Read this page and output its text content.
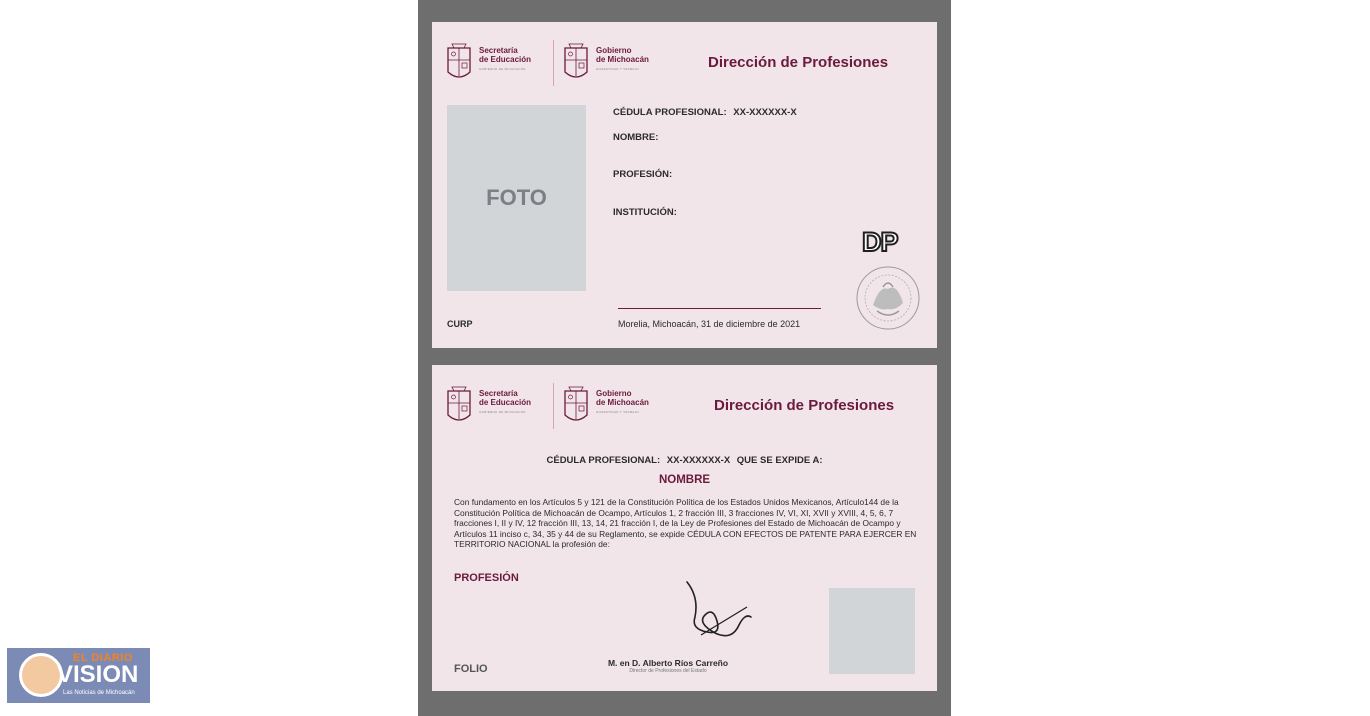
Secretaría
de Educación
GOBIERNO DE MICHOACÁN
Gobierno
de Michoacán
HONESTIDAD Y TRABAJO	Dirección de Profesiones
FOTO
CÉDULA PROFESIONAL: XX-XXXXXX-X
NOMBRE:
PROFESIÓN:
INSTITUCIÓN:
DP
CURP	Morelia, Michoacán, 31 de diciembre de 2021
Secretaría
de Educación
GOBIERNO DE MICHOACÁN
Gobierno
de Michoacán
HONESTIDAD Y TRABAJO	Dirección de Profesiones
CÉDULA PROFESIONAL: XX-XXXXXX-X QUE SE EXPIDE A:
NOMBRE
Con fundamento en los Artículos 5 y 121 de la Constitución Política de los Estados Unidos Mexicanos, Artículo144 de la Constitución Política de Michoacán de Ocampo, Artículos 1, 2 fracción III, 3 fracciones IV, VI, XI, XVII y XVIII, 4, 5, 6, 7 fracciones I, II y IV, 12 fracción III, 13, 14, 21 fracción I, de la Ley de Profesiones del Estado de Michoacán de Ocampo y Artículos 11 inciso c, 34, 35 y 44 de su Reglamento, se expide CÉDULA CON EFECTOS DE PATENTE PARA EJERCER EN TERRITORIO NACIONAL la profesión de:
PROFESIÓN
M. en D. Alberto Ríos Carreño
Director de Profesiones del Estado
FOLIO
EL DIARIO
VISION
Las Noticias de Michoacán
